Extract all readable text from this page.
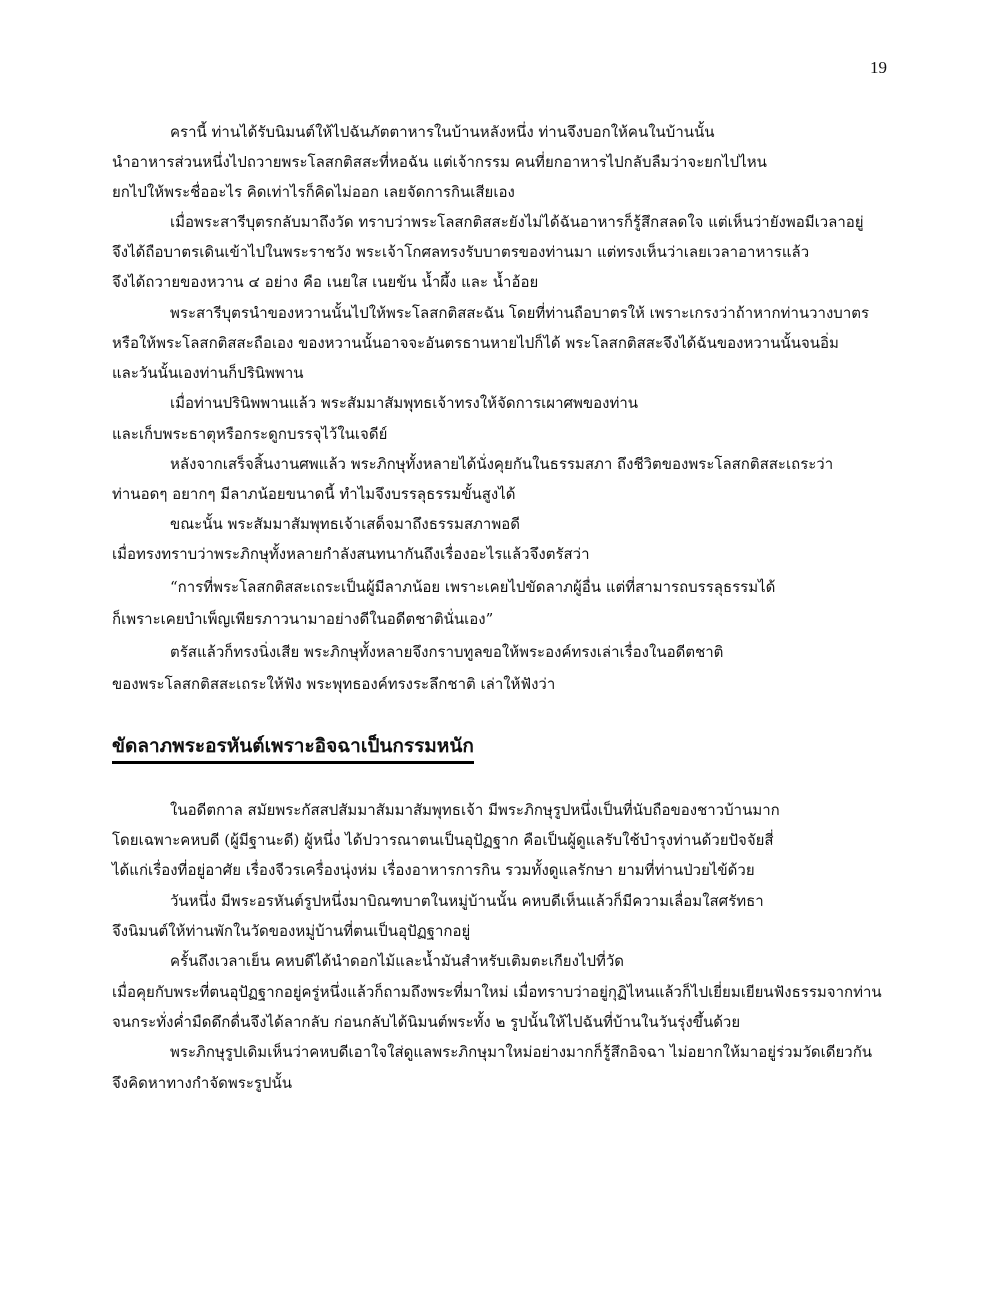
19
ครานี้ ท่านได้รับนิมนต์ให้ไปฉันภัตตาหารในบ้านหลังหนึ่ง ท่านจึงบอกให้คนในบ้านนั้น
นำอาหารส่วนหนึ่งไปถวายพระโลสกติสสะที่หอฉัน แต่เจ้ากรรม คนที่ยกอาหารไปกลับลืมว่าจะยกไปไหน
ยกไปให้พระชื่ออะไร คิดเท่าไรก็คิดไม่ออก เลยจัดการกินเสียเอง
เมื่อพระสารีบุตรกลับมาถึงวัด ทราบว่าพระโลสกติสสะยังไม่ได้ฉันอาหารก็รู้สึกสลดใจ แต่เห็นว่ายังพอมีเวลาอยู่
จึงได้ถือบาตรเดินเข้าไปในพระราชวัง พระเจ้าโกศลทรงรับบาตรของท่านมา แต่ทรงเห็นว่าเลยเวลาอาหารแล้ว
จึงได้ถวายของหวาน ๔ อย่าง คือ เนยใส เนยข้น น้ำผึ้ง และ น้ำอ้อย
พระสารีบุตรนำของหวานนั้นไปให้พระโลสกติสสะฉัน โดยที่ท่านถือบาตรให้ เพราะเกรงว่าถ้าหากท่านวางบาตร
หรือให้พระโลสกติสสะถือเอง ของหวานนั้นอาจจะอันตรธานหายไปก็ได้ พระโลสกติสสะจึงได้ฉันของหวานนั้นจนอิ่ม
และวันนั้นเองท่านก็ปรินิพพาน
เมื่อท่านปรินิพพานแล้ว พระสัมมาสัมพุทธเจ้าทรงให้จัดการเผาศพของท่าน
และเก็บพระธาตุหรือกระดูกบรรจุไว้ในเจดีย์
หลังจากเสร็จสิ้นงานศพแล้ว พระภิกษุทั้งหลายได้นั่งคุยกันในธรรมสภา ถึงชีวิตของพระโลสกติสสะเถระว่า
ท่านอดๆ อยากๆ มีลาภน้อยขนาดนี้ ทำไมจึงบรรลุธรรมขั้นสูงได้
ขณะนั้น พระสัมมาสัมพุทธเจ้าเสด็จมาถึงธรรมสภาพอดี
เมื่อทรงทราบว่าพระภิกษุทั้งหลายกำลังสนทนากันถึงเรื่องอะไรแล้วจึงตรัสว่า
“การที่พระโลสกติสสะเถระเป็นผู้มีลาภน้อย เพราะเคยไปขัดลาภผู้อื่น แต่ที่สามารถบรรลุธรรมได้
ก็เพราะเคยบำเพ็ญเพียรภาวนามาอย่างดีในอดีตชาตินั่นเอง”
ตรัสแล้วก็ทรงนิ่งเสีย พระภิกษุทั้งหลายจึงกราบทูลขอให้พระองค์ทรงเล่าเรื่องในอดีตชาติ
ของพระโลสกติสสะเถระให้ฟัง พระพุทธองค์ทรงระลึกชาติ เล่าให้ฟังว่า
ขัดลาภพระอรหันต์เพราะอิจฉาเป็นกรรมหนัก
ในอดีตกาล สมัยพระกัสสปสัมมาสัมมาสัมพุทธเจ้า มีพระภิกษุรูปหนึ่งเป็นที่นับถือของชาวบ้านมาก
โดยเฉพาะคหบดี (ผู้มีฐานะดี) ผู้หนึ่ง ได้ปวารณาตนเป็นอุปัฏฐาก คือเป็นผู้ดูแลรับใช้บำรุงท่านด้วยปัจจัยสี่
ได้แก่เรื่องที่อยู่อาศัย เรื่องจีวรเครื่องนุ่งห่ม เรื่องอาหารการกิน รวมทั้งดูแลรักษา ยามที่ท่านป่วยไข้ด้วย
วันหนึ่ง มีพระอรหันต์รูปหนึ่งมาบิณฑบาตในหมู่บ้านนั้น คหบดีเห็นแล้วก็มีความเลื่อมใสศรัทธา
จึงนิมนต์ให้ท่านพักในวัดของหมู่บ้านที่ตนเป็นอุปัฏฐากอยู่
ครั้นถึงเวลาเย็น คหบดีได้นำดอกไม้และน้ำมันสำหรับเติมตะเกียงไปที่วัด
เมื่อคุยกับพระที่ตนอุปัฏฐากอยู่ครู่หนึ่งแล้วก็ถามถึงพระที่มาใหม่ เมื่อทราบว่าอยู่กุฏิไหนแล้วก็ไปเยี่ยมเยียนฟังธรรมจากท่าน
จนกระทั่งค่ำมืดดึกดื่นจึงได้ลากลับ ก่อนกลับได้นิมนต์พระทั้ง ๒ รูปนั้นให้ไปฉันที่บ้านในวันรุ่งขึ้นด้วย
พระภิกษุรูปเดิมเห็นว่าคหบดีเอาใจใส่ดูแลพระภิกษุมาใหม่อย่างมากก็รู้สึกอิจฉา ไม่อยากให้มาอยู่ร่วมวัดเดียวกัน
จึงคิดหาทางกำจัดพระรูปนั้น
